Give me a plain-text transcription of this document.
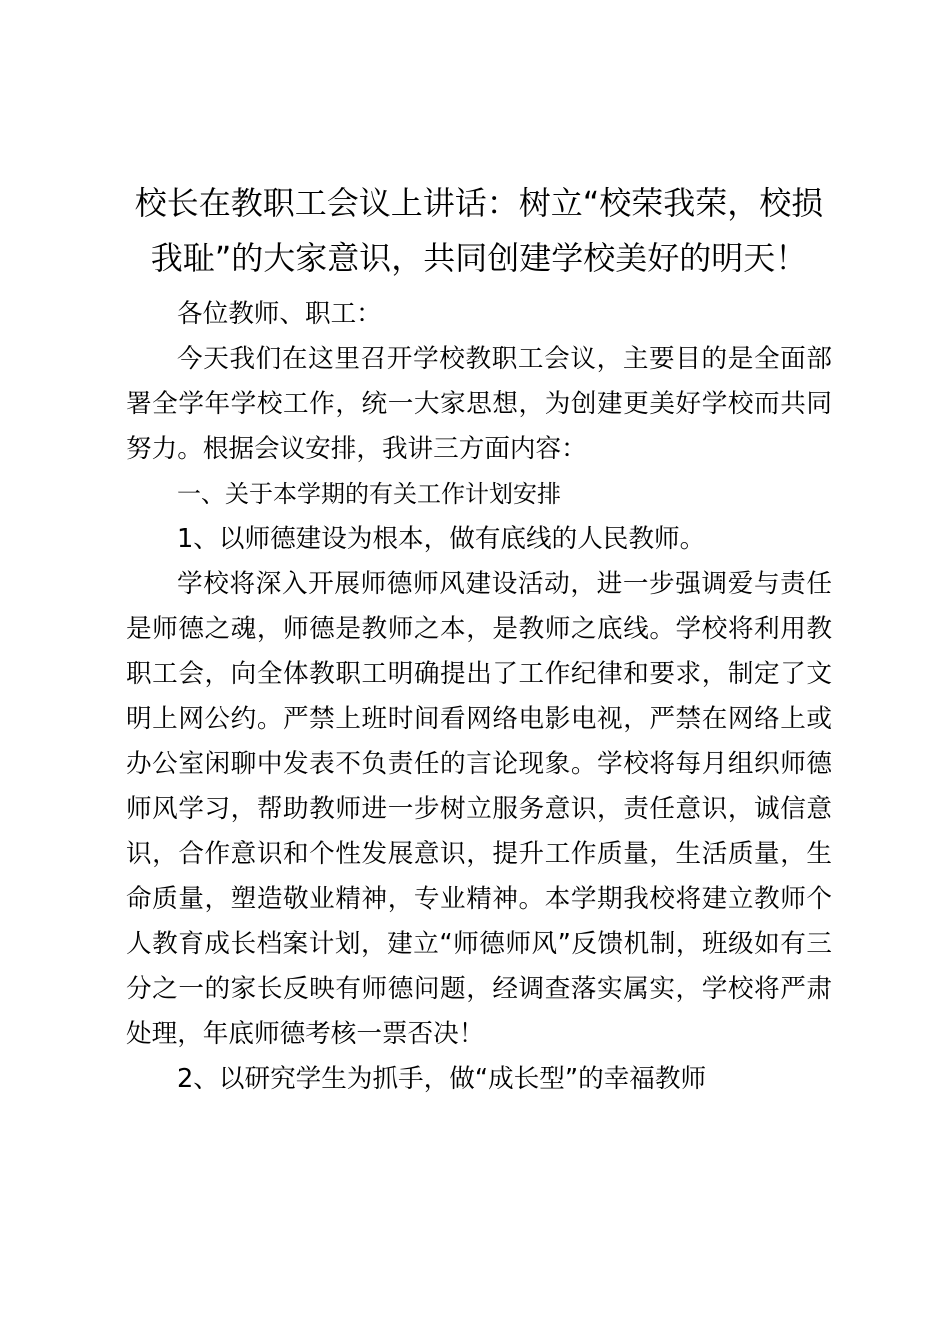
校长在教职工会议上讲话：树立“校荣我荣，校损我耻”的大家意识，共同创建学校美好的明天！

各位教师、职工：

今天我们在这里召开学校教职工会议，主要目的是全面部署全学年学校工作，统一大家思想，为创建更美好学校而共同努力。根据会议安排，我讲三方面内容：

一、关于本学期的有关工作计划安排

1、以师德建设为根本，做有底线的人民教师。

学校将深入开展师德师风建设活动，进一步强调爱与责任是师德之魂，师德是教师之本，是教师之底线。学校将利用教职工会，向全体教职工明确提出了工作纪律和要求，制定了文明上网公约。严禁上班时间看网络电影电视，严禁在网络上或办公室闲聊中发表不负责任的言论现象。学校将每月组织师德师风学习，帮助教师进一步树立服务意识，责任意识，诚信意识，合作意识和个性发展意识，提升工作质量，生活质量，生命质量，塑造敬业精神，专业精神。本学期我校将建立教师个人教育成长档案计划，建立“师德师风”反馈机制，班级如有三分之一的家长反映有师德问题，经调查落实属实，学校将严肃处理，年底师德考核一票否决！

2、以研究学生为抓手，做“成长型”的幸福教师
